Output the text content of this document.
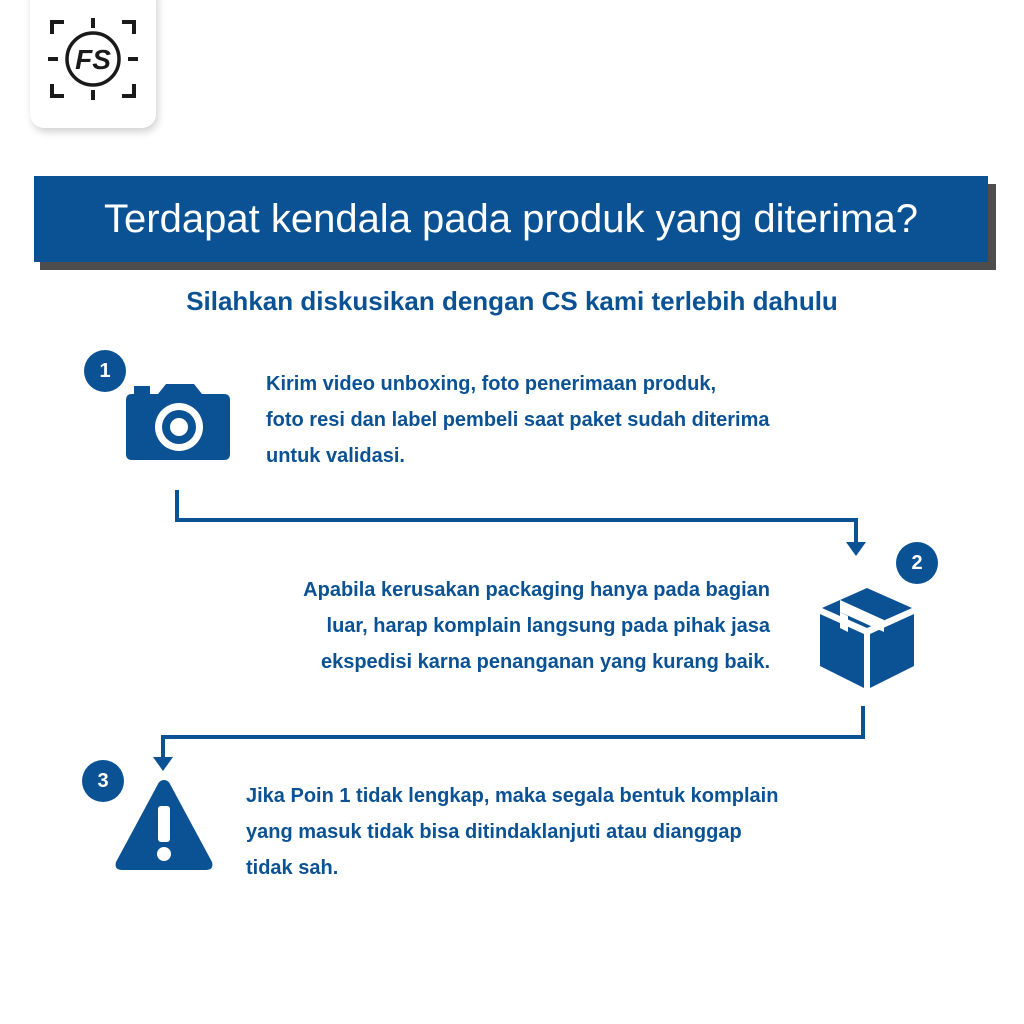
FS
Terdapat kendala pada produk yang diterima?
Silahkan diskusikan dengan CS kami terlebih dahulu
1
Kirim video unboxing, foto penerimaan produk,
foto resi dan label pembeli saat paket sudah diterima
untuk validasi.
2
Apabila kerusakan packaging hanya pada bagian
luar, harap komplain langsung pada pihak jasa
ekspedisi karna penanganan yang kurang baik.
3
Jika Poin 1 tidak lengkap, maka segala bentuk komplain
yang masuk tidak bisa ditindaklanjuti atau dianggap
tidak sah.
